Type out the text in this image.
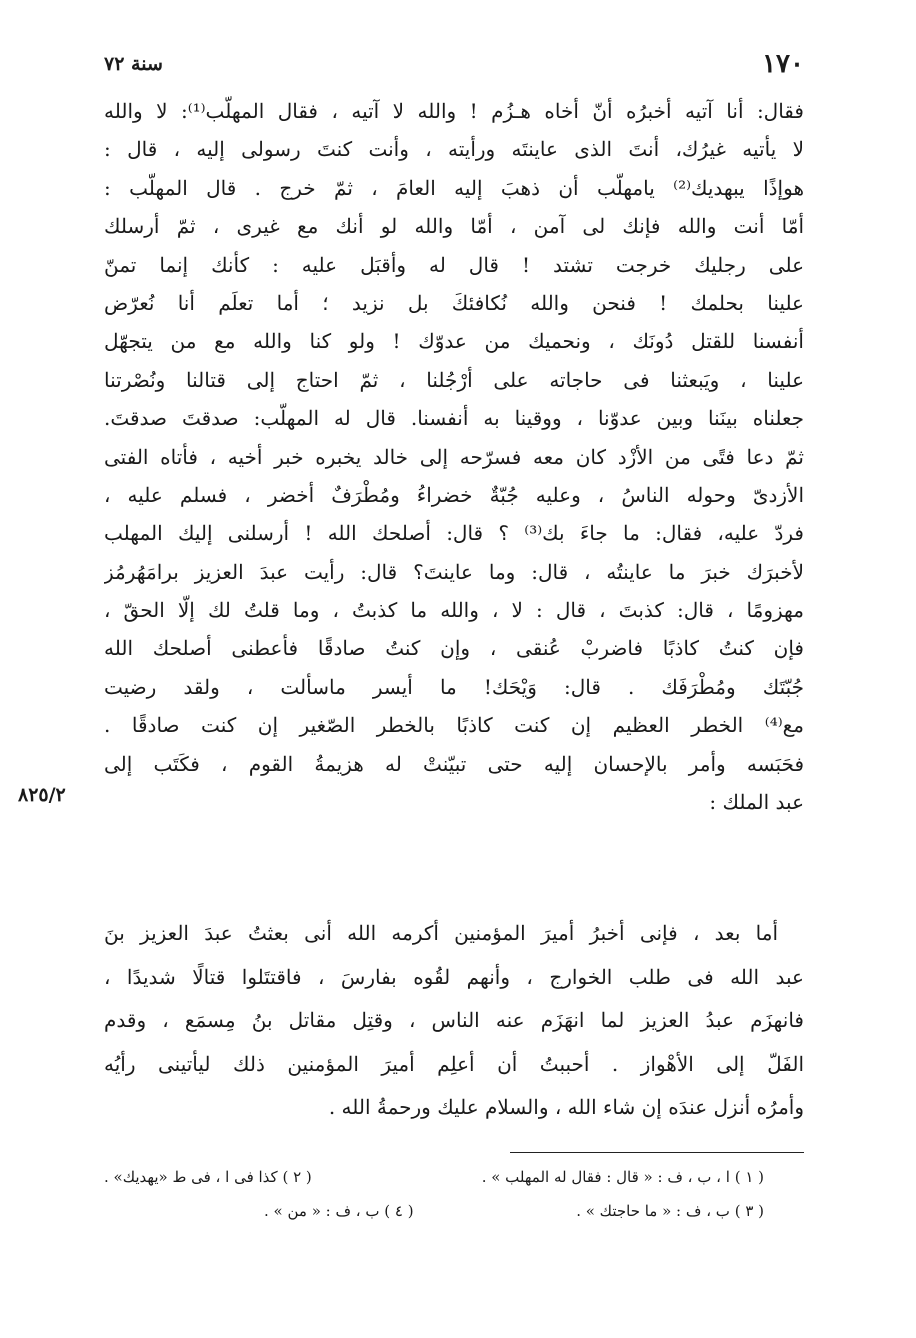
١٧٠
سنة ٧٢
فقال: أنا آتيه أخبرُه أنّ أخاه هـزُم ! والله لا آتيه ، فقال المهلّب⁽¹⁾: لا والله
لا يأتيه غيرُك، أنتَ الذى عاينتَه ورأيته ، وأنت كنتَ رسولى إليه ، قال :
هوإذًا يبهديك⁽²⁾ يامهلّب أن ذهبَ إليه العامَ ، ثمّ خرج . قال المهلّب :
أمّا أنت والله فإنك لى آمن ، أمّا والله لو أنك مع غيرى ، ثمّ أرسلك
على رجليك خرجت تشتد ! قال له وأقبَل عليه : كأنك إنما تمنّ
علينا بحلمك ! فنحن والله نُكافئكَ بل نزيد ؛ أما تعلَم أنا نُعرّض
أنفسنا للقتل دُونَك ، ونحميك من عدوّك ! ولو كنا والله مع من يتجهّل
علينا ، ويَبعثنا فى حاجاته على أرْجُلنا ، ثمّ احتاج إلى قتالنا ونُصْرتنا
جعلناه بينَنا وبين عدوّنا ، ووقينا به أنفسنا. قال له المهلّب: صدقتَ صدقتَ.
ثمّ دعا فتًى من الأزْد كان معه فسرّحه إلى خالد يخبره خبر أخيه ، فأتاه الفتى
الأزدىّ وحوله الناسُ ، وعليه جُبّةٌ خضراءُ ومُطْرَفٌ أخضر ، فسلم عليه ،
فردّ عليه، فقال: ما جاءَ بك⁽³⁾ ؟ قال: أصلحك الله ! أرسلنى إليك المهلب
لأخبرَك خبرَ ما عاينتُه ، قال: وما عاينتَ؟ قال: رأيت عبدَ العزيز برامَهُرمُز
مهزومًا ، قال: كذبتَ ، قال : لا ، والله ما كذبتُ ، وما قلتُ لك إلّا الحقّ ،
فإن كنتُ كاذبًا فاضربْ عُنقى ، وإن كنتُ صادقًا فأعطنى أصلحك الله
جُبّتَك ومُطْرَفَك . قال: وَيْحَك! ما أيسر ماسألت ، ولقد رضيت
مع⁽⁴⁾ الخطر العظيم إن كنت كاذبًا بالخطر الصّغير إن كنت صادقًا .
فحَبَسه وأمر بالإحسان إليه حتى تبيّنتْ له هزيمةُ القوم ، فكَتَب إلى
عبد الملك :
٨٢٥/٢
أما بعد ، فإنى أخبرُ أميرَ المؤمنين أكرمه الله أنى بعثتُ عبدَ العزيز بنَ
عبد الله فى طلب الخوارج ، وأنهم لقُوه بفارسَ ، فاقتتَلوا قتالًا شديدًا ،
فانهزَم عبدُ العزيز لما انهَزَم عنه الناس ، وقتِل مقاتل بنُ مِسمَع ، وقدم
الفَلّ إلى الأهْواز . أحببتُ أن أعلِم أميرَ المؤمنين ذلك ليأتينى رأيُه
وأمرُه أنزل عندَه إن شاء الله ، والسلام عليك ورحمةُ الله .
( ١ ) ا ، ب ، ف : « قال : فقال له المهلب » .
( ٢ ) كذا فى ا ، فى ط «يهديك» .
( ٣ ) ب ، ف : « ما حاجتك » .
( ٤ ) ب ، ف : « من » .
